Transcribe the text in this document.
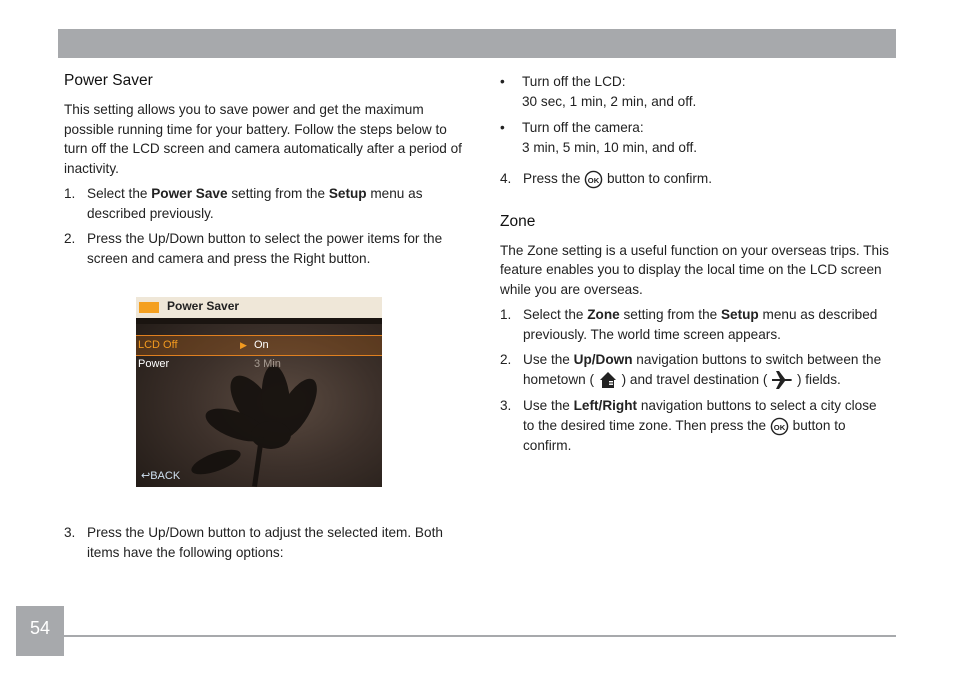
Power Saver

This setting allows you to save power and get the maximum possible running time for your battery. Follow the steps below to turn off the LCD screen and camera automatically after a period of inactivity.

1. Select the Power Save setting from the Setup menu as described previously.
2. Press the Up/Down button to select the power items for the screen and camera and press the Right button.
Power Saver
LCD Off	▶ On
Power	3 Min
↩BACK
3. Press the Up/Down button to adjust the selected item. Both items have the following options:
• Turn off the LCD:
30 sec, 1 min, 2 min, and off.
• Turn off the camera:
3 min, 5 min, 10 min, and off.
4. Press the OK button to confirm.
Zone

The Zone setting is a useful function on your overseas trips. This feature enables you to display the local time on the LCD screen while you are overseas.

1. Select the Zone setting from the Setup menu as described previously. The world time screen appears.
2. Use the Up/Down navigation buttons to switch between the hometown (  ) and travel destination (  ) fields.
3. Use the Left/Right navigation buttons to select a city close to the desired time zone. Then press the OK button to confirm.
54
